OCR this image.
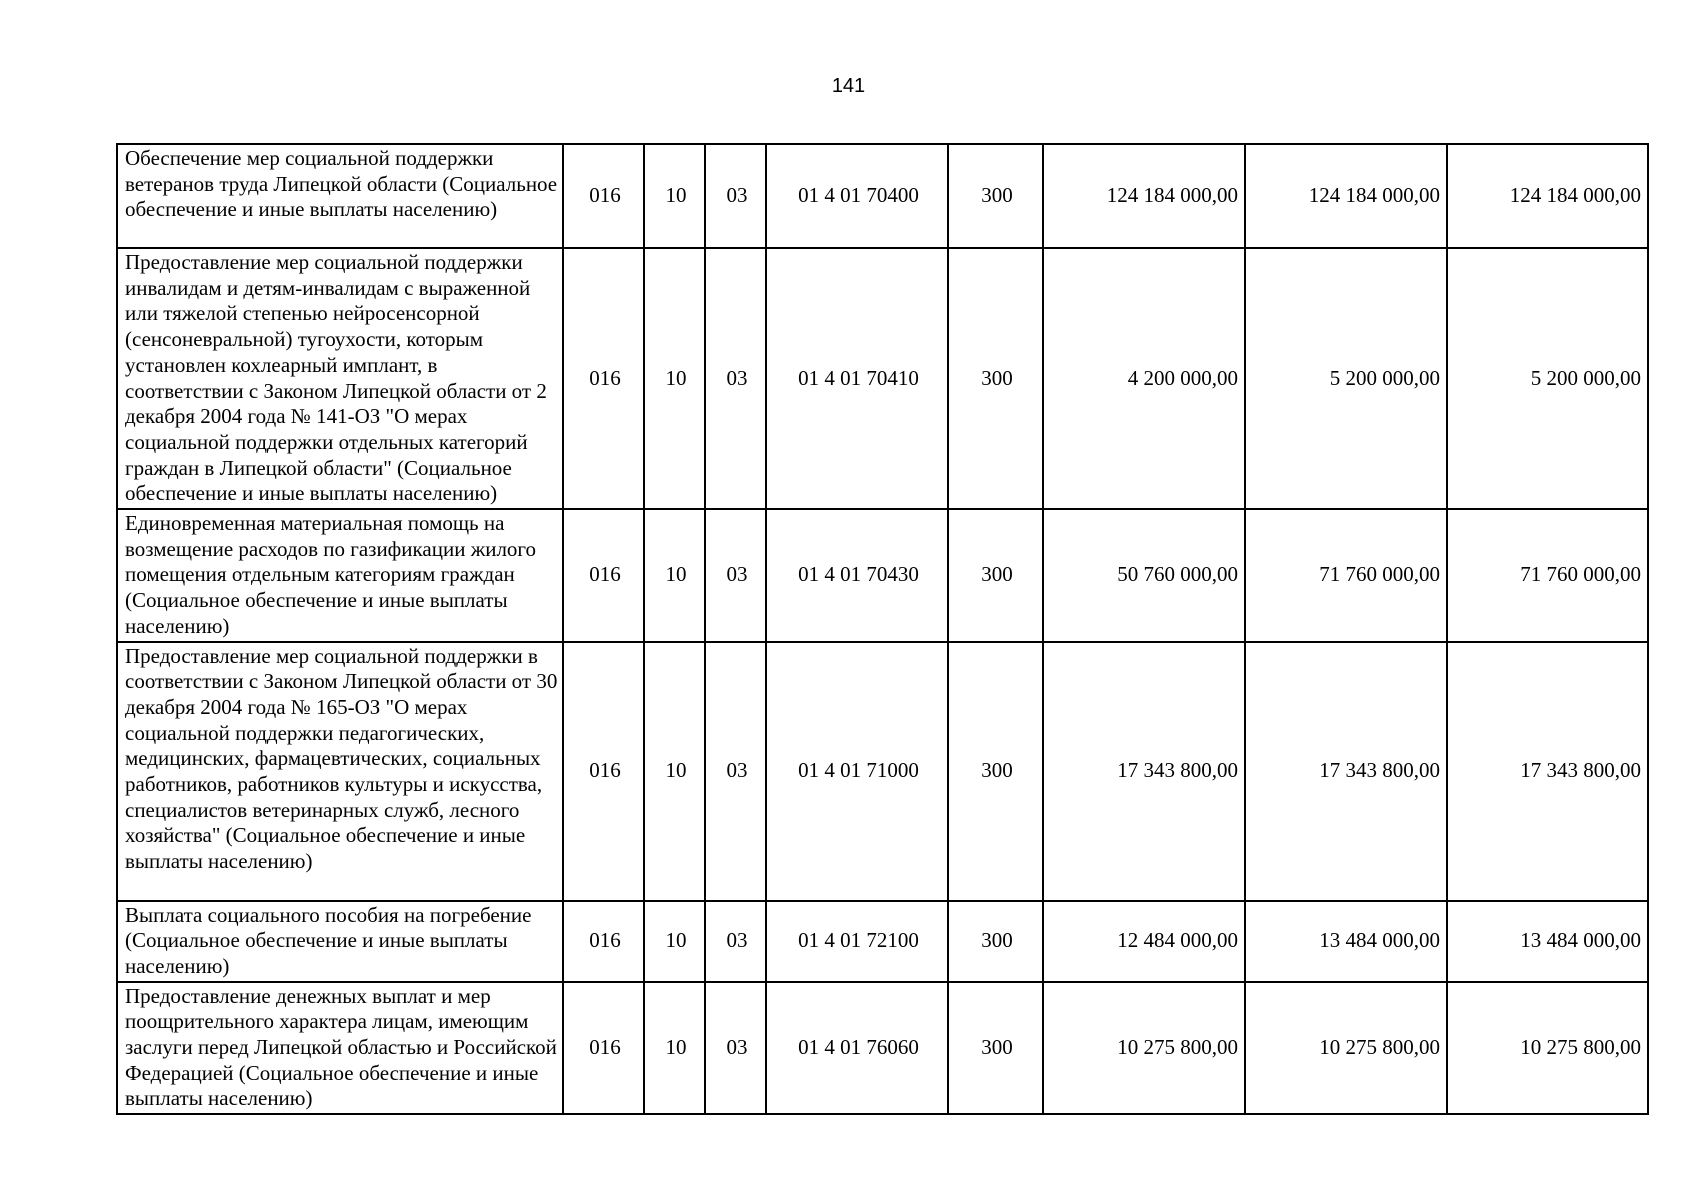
141
Обеспечение мер социальной поддержки ветеранов труда Липецкой области (Социальное обеспечение и иные выплаты населению)	016	10	03	01 4 01 70400	300	124 184 000,00	124 184 000,00	124 184 000,00
Предоставление мер социальной поддержки инвалидам и детям-инвалидам с выраженной или тяжелой степенью нейросенсорной (сенсоневральной) тугоухости, которым установлен кохлеарный имплант, в соответствии с Законом Липецкой области от 2 декабря 2004 года № 141-ОЗ "О мерах социальной поддержки отдельных категорий граждан в Липецкой области" (Социальное обеспечение и иные выплаты населению)	016	10	03	01 4 01 70410	300	4 200 000,00	5 200 000,00	5 200 000,00
Единовременная материальная помощь на возмещение расходов по газификации жилого помещения отдельным категориям граждан (Социальное обеспечение и иные выплаты населению)	016	10	03	01 4 01 70430	300	50 760 000,00	71 760 000,00	71 760 000,00
Предоставление мер социальной поддержки в соответствии с Законом Липецкой области от 30 декабря 2004 года № 165-ОЗ "О мерах социальной поддержки педагогических, медицинских, фармацевтических, социальных работников, работников культуры и искусства, специалистов ветеринарных служб, лесного хозяйства" (Социальное обеспечение и иные выплаты населению)	016	10	03	01 4 01 71000	300	17 343 800,00	17 343 800,00	17 343 800,00
Выплата социального пособия на погребение (Социальное обеспечение и иные выплаты населению)	016	10	03	01 4 01 72100	300	12 484 000,00	13 484 000,00	13 484 000,00
Предоставление денежных выплат и мер поощрительного характера лицам, имеющим заслуги перед Липецкой областью и Российской Федерацией (Социальное обеспечение и иные выплаты населению)	016	10	03	01 4 01 76060	300	10 275 800,00	10 275 800,00	10 275 800,00
